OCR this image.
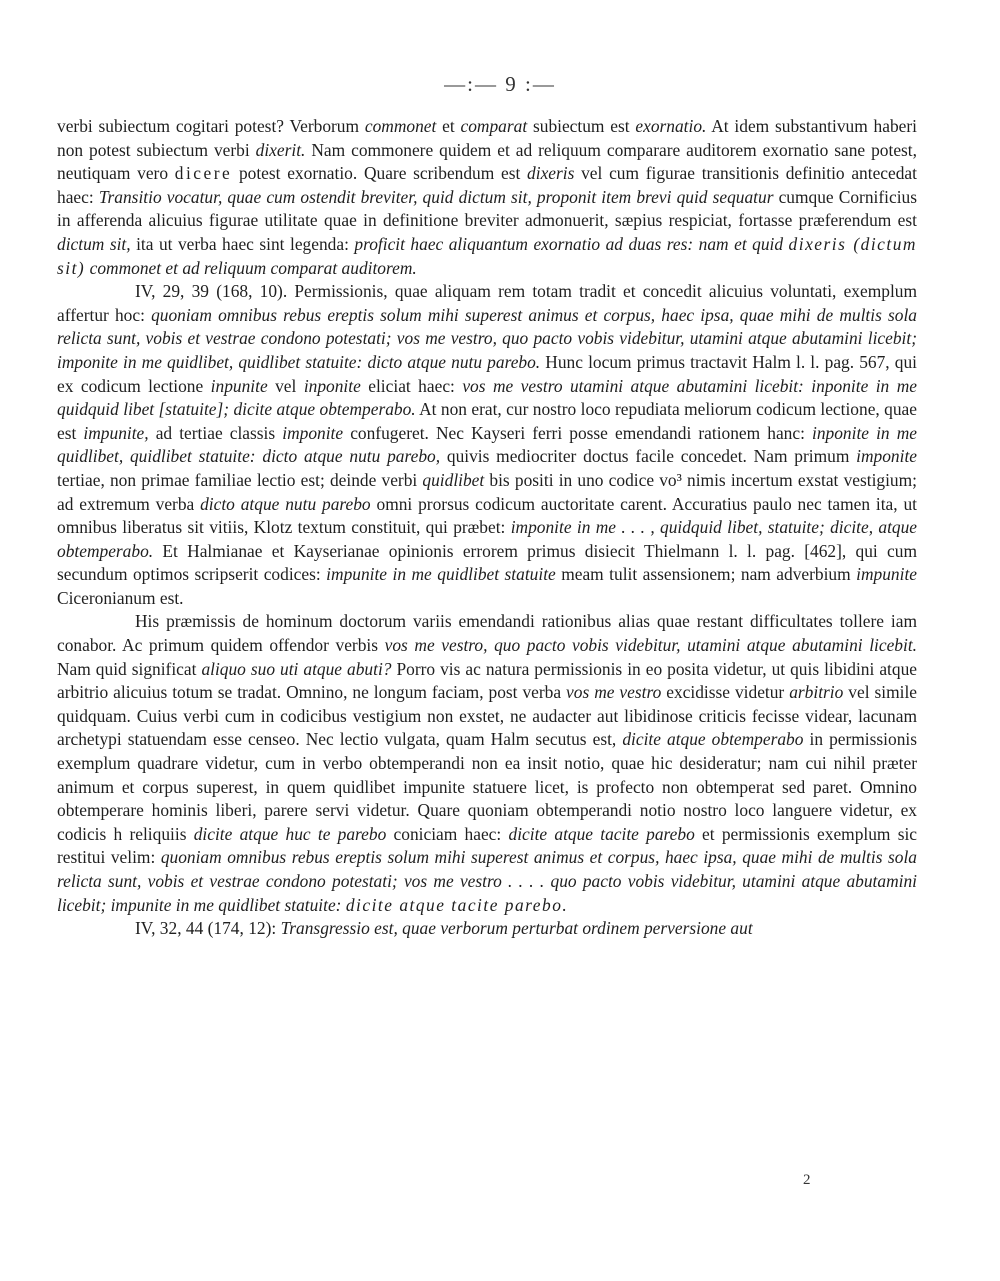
—:— 9 :—

verbi subiectum cogitari potest? Verborum commonet et comparat subiectum est exornatio. At idem substantivum haberi non potest subiectum verbi dixerit. Nam commonere quidem et ad reliquum comparare auditorem exornatio sane potest, neutiquam vero dicere potest exornatio. Quare scribendum est dixeris vel cum figurae transitionis definitio antecedat haec: Transitio vocatur, quae cum ostendit breviter, quid dictum sit, proponit item brevi quid sequatur cumque Cornificius in afferenda alicuius figurae utilitate quae in definitione breviter admonuerit, sæpius respiciat, fortasse præferendum est dictum sit, ita ut verba haec sint legenda: proficit haec aliquantum exornatio ad duas res: nam et quid dixeris (dictum sit) commonet et ad reliquum comparat auditorem.

IV, 29, 39 (168, 10). Permissionis, quae aliquam rem totam tradit et concedit alicuius voluntati, exemplum affertur hoc: quoniam omnibus rebus ereptis solum mihi superest animus et corpus, haec ipsa, quae mihi de multis sola relicta sunt, vobis et vestrae condono potestati; vos me vestro, quo pacto vobis videbitur, utamini atque abutamini licebit; imponite in me quidlibet, quidlibet statuite: dicto atque nutu parebo. Hunc locum primus tractavit Halm l. l. pag. 567, qui ex codicum lectione inpunite vel inponite eliciat haec: vos me vestro utamini atque abutamini licebit: inponite in me quidquid libet [statuite]; dicite atque obtemperabo. At non erat, cur nostro loco repudiata meliorum codicum lectione, quae est impunite, ad tertiae classis imponite confugeret. Nec Kayseri ferri posse emendandi rationem hanc: inponite in me quidlibet, quidlibet statuite: dicto atque nutu parebo, quivis mediocriter doctus facile concedet. Nam primum imponite tertiae, non primae familiae lectio est; deinde verbi quidlibet bis positi in uno codice vo³ nimis incertum exstat vestigium; ad extremum verba dicto atque nutu parebo omni prorsus codicum auctoritate carent. Accuratius paulo nec tamen ita, ut omnibus liberatus sit vitiis, Klotz textum constituit, qui præbet: imponite in me . . . , quidquid libet, statuite; dicite, atque obtemperabo. Et Halmianae et Kayserianae opinionis errorem primus disiecit Thielmann l. l. pag. [462], qui cum secundum optimos scripserit codices: impunite in me quidlibet statuite meam tulit assensionem; nam adverbium impunite Ciceronianum est.

His præmissis de hominum doctorum variis emendandi rationibus alias quae restant difficultates tollere iam conabor. Ac primum quidem offendor verbis vos me vestro, quo pacto vobis videbitur, utamini atque abutamini licebit. Nam quid significat aliquo suo uti atque abuti? Porro vis ac natura permissionis in eo posita videtur, ut quis libidini atque arbitrio alicuius totum se tradat. Omnino, ne longum faciam, post verba vos me vestro excidisse videtur arbitrio vel simile quidquam. Cuius verbi cum in codicibus vestigium non exstet, ne audacter aut libidinose criticis fecisse videar, lacunam archetypi statuendam esse censeo. Nec lectio vulgata, quam Halm secutus est, dicite atque obtemperabo in permissionis exemplum quadrare videtur, cum in verbo obtemperandi non ea insit notio, quae hic desideratur; nam cui nihil præter animum et corpus superest, in quem quidlibet impunite statuere licet, is profecto non obtemperat sed paret. Omnino obtemperare hominis liberi, parere servi videtur. Quare quoniam obtemperandi notio nostro loco languere videtur, ex codicis h reliquiis dicite atque huc te parebo coniciam haec: dicite atque tacite parebo et permissionis exemplum sic restitui velim: quoniam omnibus rebus ereptis solum mihi superest animus et corpus, haec ipsa, quae mihi de multis sola relicta sunt, vobis et vestrae condono potestati; vos me vestro . . . . quo pacto vobis videbitur, utamini atque abutamini licebit; impunite in me quidlibet statuite: dicite atque tacite parebo.

IV, 32, 44 (174, 12): Transgressio est, quae verborum perturbat ordinem perversione aut

2
